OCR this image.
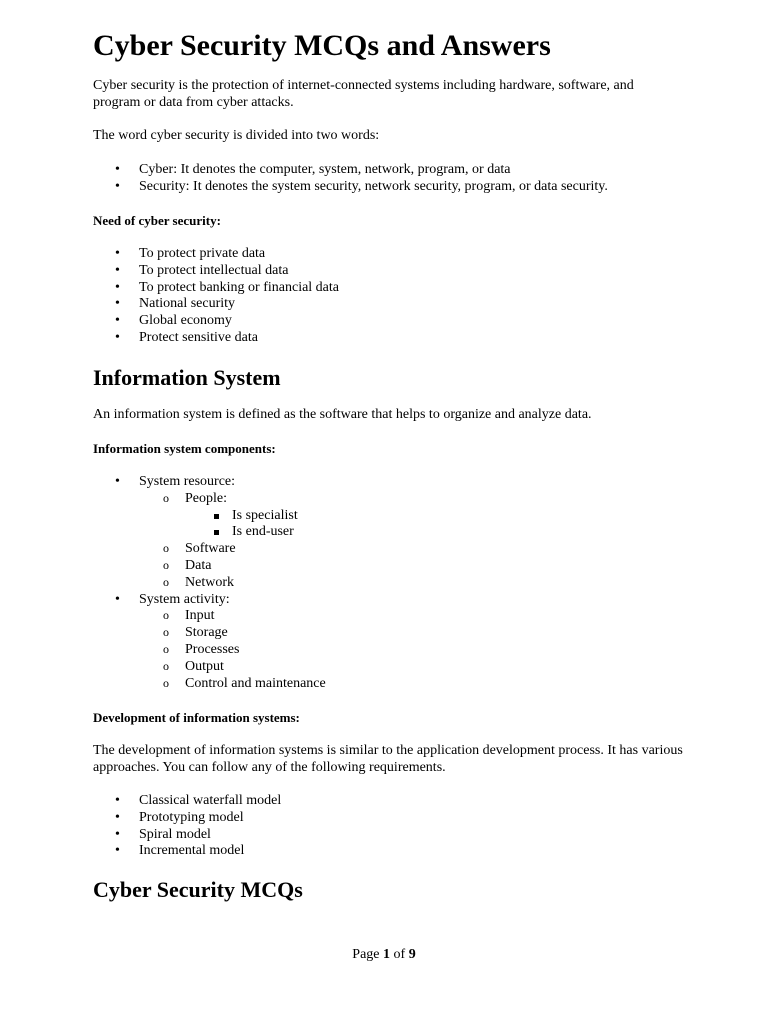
Cyber Security MCQs and Answers

Cyber security is the protection of internet-connected systems including hardware, software, and program or data from cyber attacks.

The word cyber security is divided into two words:

• Cyber: It denotes the computer, system, network, program, or data
• Security: It denotes the system security, network security, program, or data security.
Need of cyber security:
• To protect private data
• To protect intellectual data
• To protect banking or financial data
• National security
• Global economy
• Protect sensitive data
Information System

An information system is defined as the software that helps to organize and analyze data.

Information system components:
• System resource:
o People:
Is specialist
Is end-user
o Software
o Data
o Network
• System activity:
o Input
o Storage
o Processes
o Output
o Control and maintenance
Development of information systems:

The development of information systems is similar to the application development process. It has various approaches. You can follow any of the following requirements.

• Classical waterfall model
• Prototyping model
• Spiral model
• Incremental model
Cyber Security MCQs
Page 1 of 9
